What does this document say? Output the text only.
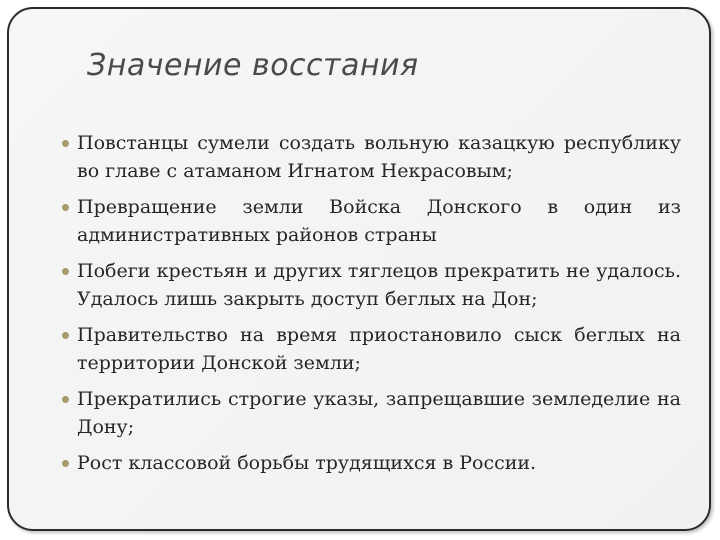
Значение восстания
Повстанцы сумели создать вольную казацкую республику во главе с атаманом Игнатом Некрасовым;
Превращение земли Войска Донского в один из административных районов страны
Побеги крестьян и других тяглецов прекратить не удалось. Удалось лишь закрыть доступ беглых на Дон;
Правительство на время приостановило сыск беглых на территории Донской земли;
Прекратились строгие указы, запрещавшие земледелие на Дону;
Рост классовой борьбы трудящихся в России.
